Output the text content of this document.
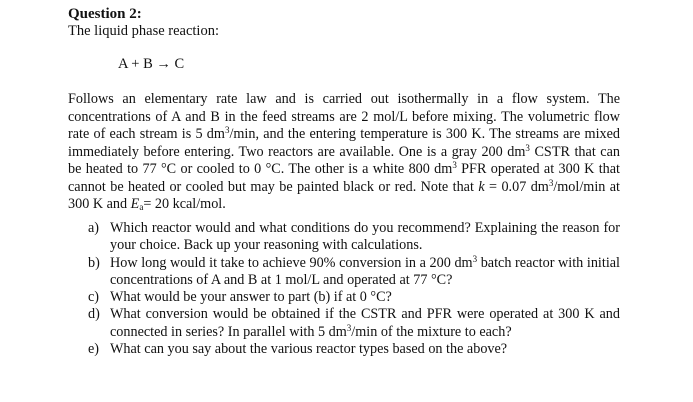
Question 2:
The liquid phase reaction:
A + B → C
Follows an elementary rate law and is carried out isothermally in a flow system. The concentrations of A and B in the feed streams are 2 mol/L before mixing. The volumetric flow rate of each stream is 5 $dm^3/\min$, and the entering temperature is 300 K. The streams are mixed immediately before entering. Two reactors are available. One is a gray 200 $dm^3$ CSTR that can be heated to 77 °C or cooled to 0 °C. The other is a white 800 $dm^3$ PFR operated at 300 K that cannot be heated or cooled but may be painted black or red. Note that k = 0.07 $dm^3/mol/\min$ at 300 K and $E_a= 20$ kcal/mol.
a) Which reactor would and what conditions do you recommend? Explaining the reason for your choice. Back up your reasoning with calculations.
b) How long would it take to achieve 90% conversion in a 200 $dm^3$ batch reactor with initial concentrations of A and B at 1 mol/L and operated at 77 °C?
c) What would be your answer to part (b) if at 0 °C?
d) What conversion would be obtained if the CSTR and PFR were operated at 300 K and connected in series? In parallel with 5 $dm^3/\min$ of the mixture to each?
e) What can you say about the various reactor types based on the above?
